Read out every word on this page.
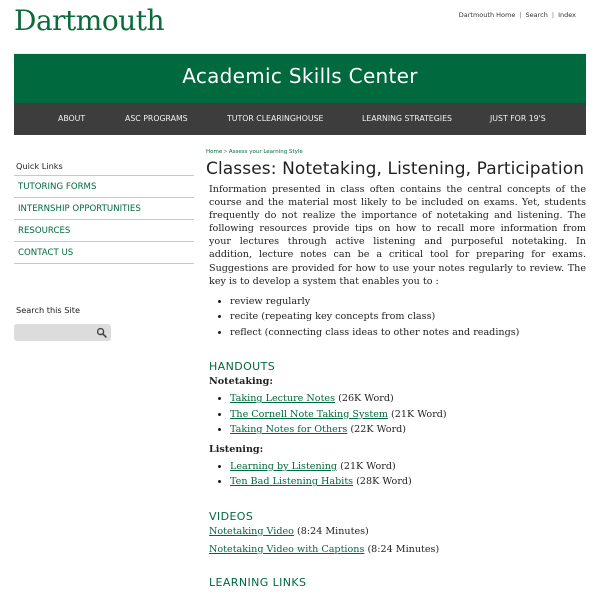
Dartmouth	Dartmouth Home | Search | Index
Academic Skills Center
ABOUT	ASC PROGRAMS	TUTOR CLEARINGHOUSE	LEARNING STRATEGIES	JUST FOR 19'S
Quick Links
TUTORING FORMS
INTERNSHIP OPPORTUNITIES
RESOURCES
CONTACT US
Search this Site
Home>Assess your Learning Style
Classes: Notetaking, Listening, Participation

Information presented in class often contains the central concepts of the course and the material most likely to be included on exams. Yet, students frequently do not realize the importance of notetaking and listening. The following resources provide tips on how to recall more information from your lectures through active listening and purposeful notetaking. In addition, lecture notes can be a critical tool for preparing for exams. Suggestions are provided for how to use your notes regularly to review. The key is to develop a system that enables you to :

• review regularly
• recite (repeating key concepts from class)
• reflect (connecting class ideas to other notes and readings)
HANDOUTS
Notetaking:
• Taking Lecture Notes (26K Word)
• The Cornell Note Taking System (21K Word)
• Taking Notes for Others (22K Word)
Listening:
• Learning by Listening (21K Word)
• Ten Bad Listening Habits (28K Word)
VIDEOS
Notetaking Video (8:24 Minutes)
Notetaking Video with Captions (8:24 Minutes)
LEARNING LINKS
